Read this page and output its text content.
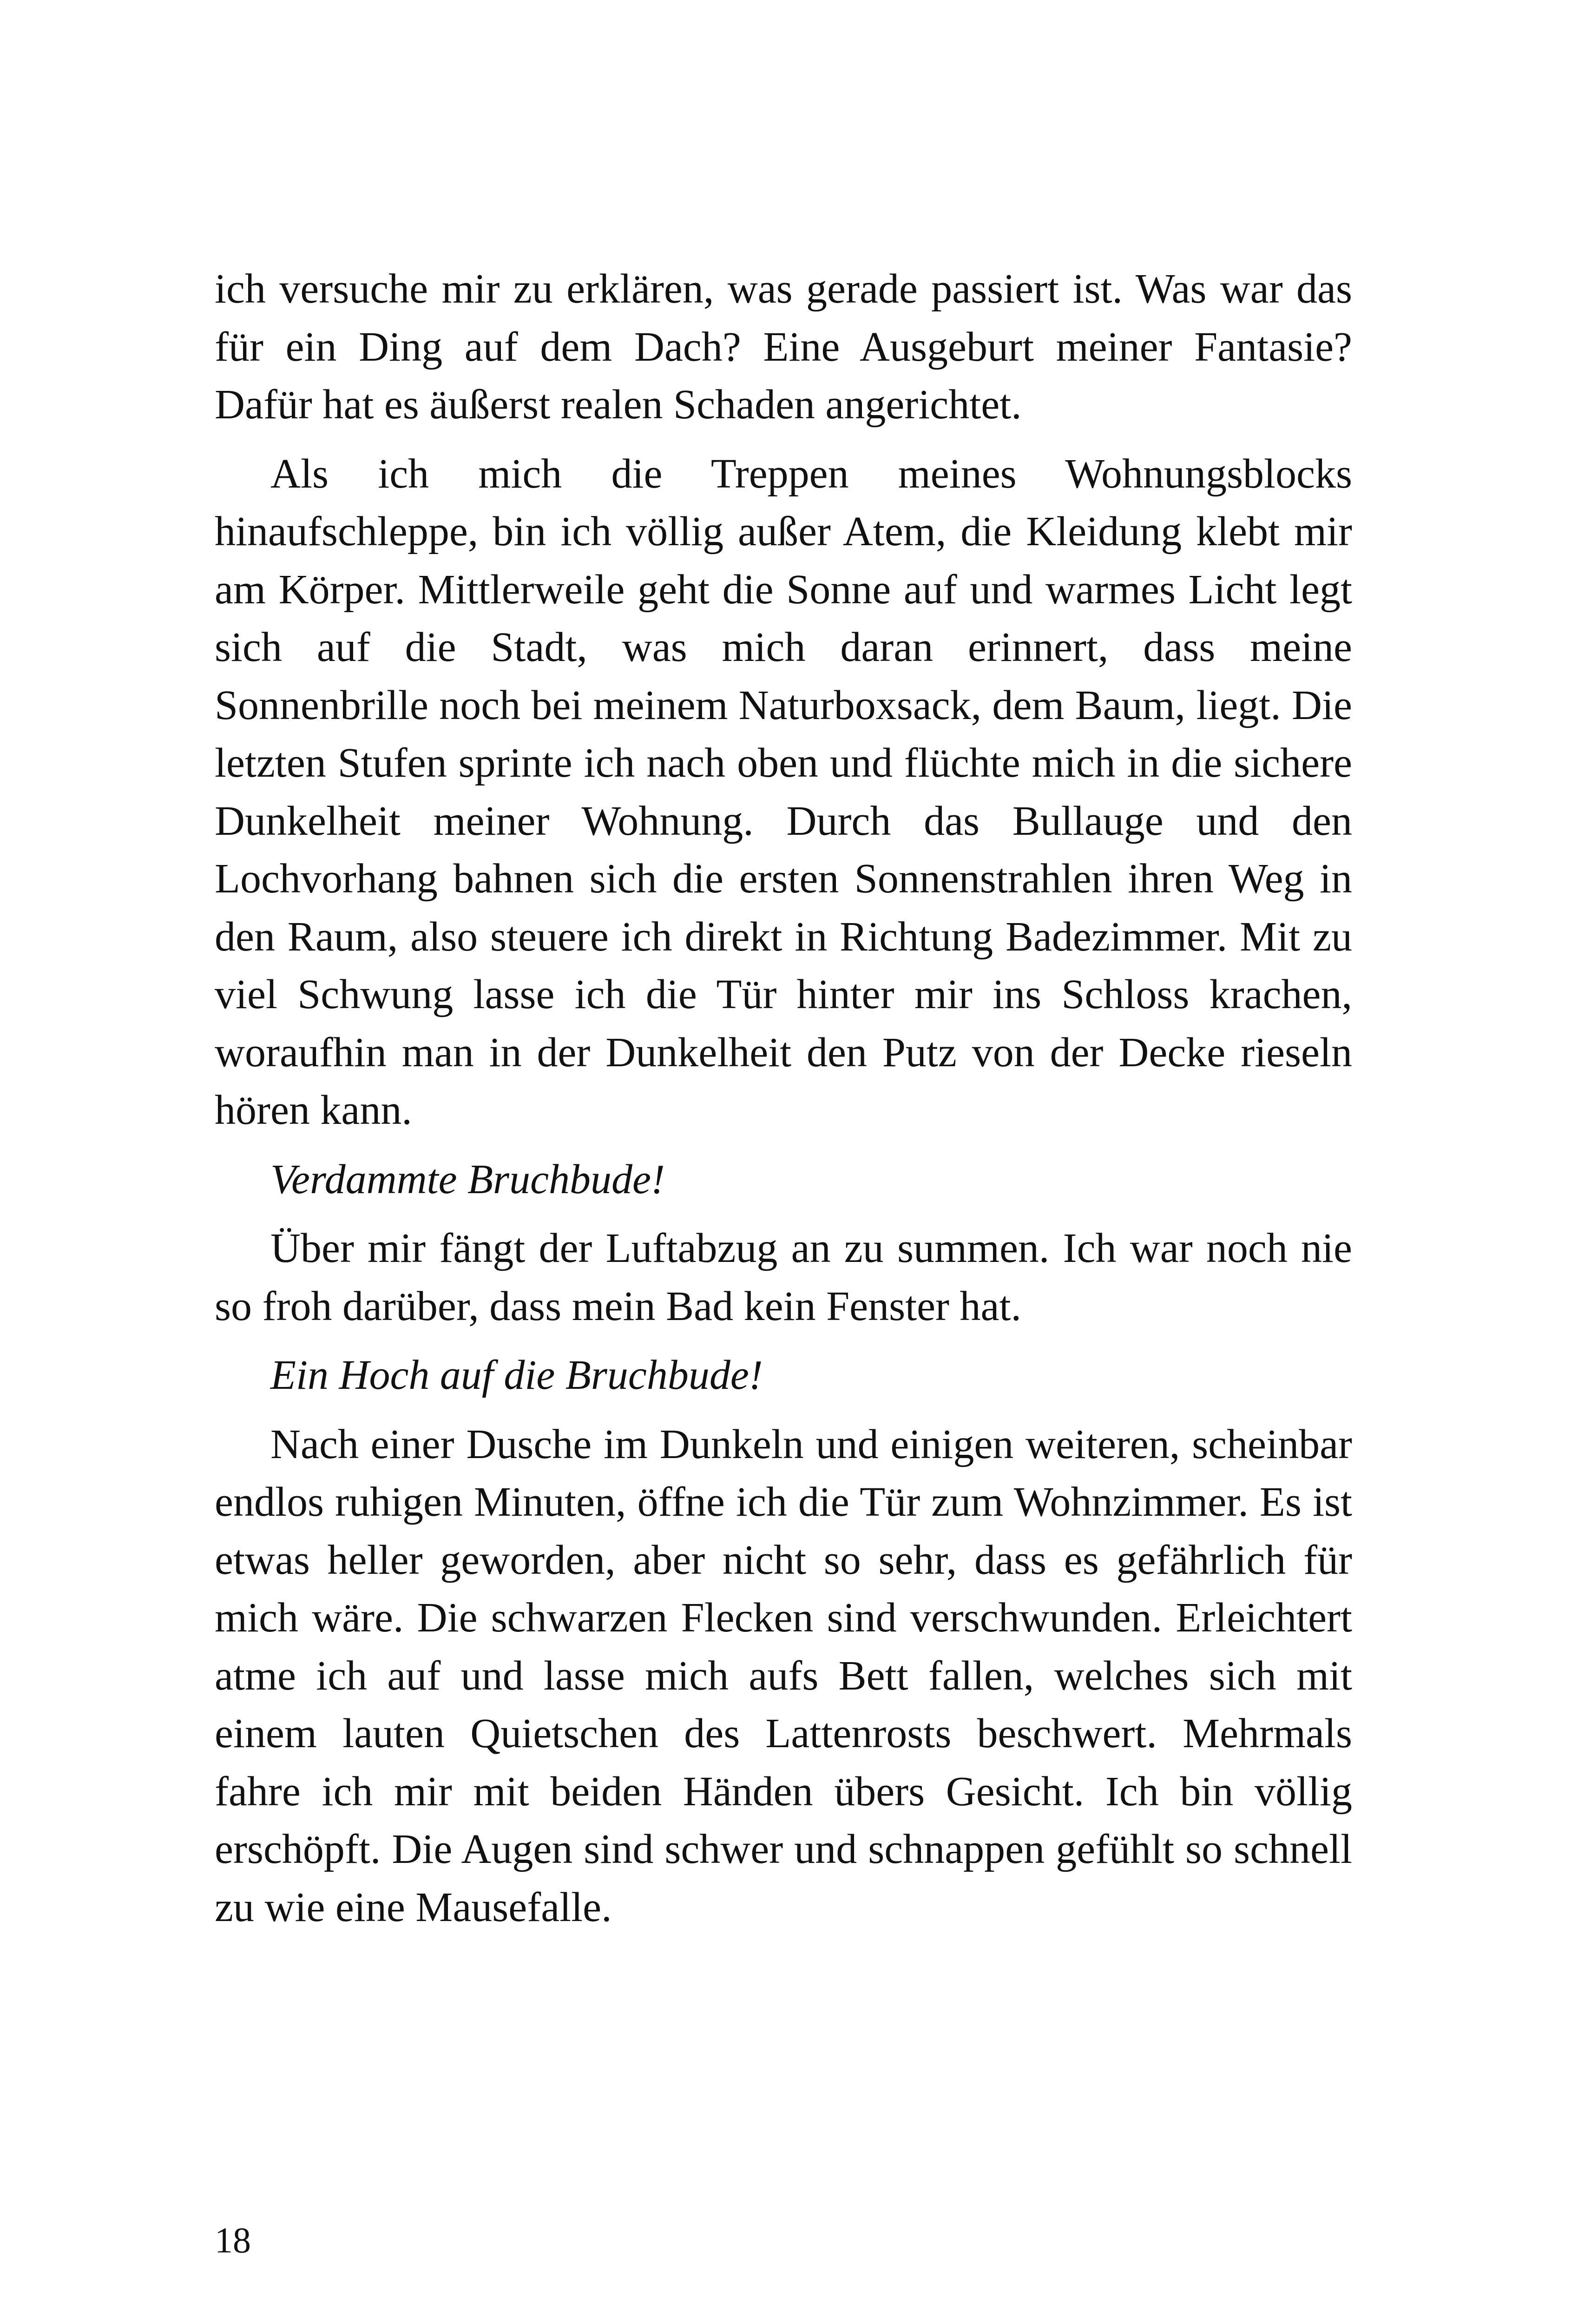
ich versuche mir zu erklären, was gerade passiert ist. Was war das für ein Ding auf dem Dach? Eine Ausgeburt meiner Fantasie? Dafür hat es äußerst realen Schaden angerichtet.

Als ich mich die Treppen meines Wohnungsblocks hinaufschleppe, bin ich völlig außer Atem, die Kleidung klebt mir am Körper. Mittlerweile geht die Sonne auf und warmes Licht legt sich auf die Stadt, was mich daran erinnert, dass meine Sonnenbrille noch bei meinem Naturboxsack, dem Baum, liegt. Die letzten Stufen sprinte ich nach oben und flüchte mich in die sichere Dunkelheit meiner Wohnung. Durch das Bullauge und den Lochvorhang bahnen sich die ersten Sonnenstrahlen ihren Weg in den Raum, also steuere ich direkt in Richtung Badezimmer. Mit zu viel Schwung lasse ich die Tür hinter mir ins Schloss krachen, woraufhin man in der Dunkelheit den Putz von der Decke rieseln hören kann.

Verdammte Bruchbude!

Über mir fängt der Luftabzug an zu summen. Ich war noch nie so froh darüber, dass mein Bad kein Fenster hat.

Ein Hoch auf die Bruchbude!

Nach einer Dusche im Dunkeln und einigen weiteren, scheinbar endlos ruhigen Minuten, öffne ich die Tür zum Wohnzimmer. Es ist etwas heller geworden, aber nicht so sehr, dass es gefährlich für mich wäre. Die schwarzen Flecken sind verschwunden. Erleichtert atme ich auf und lasse mich aufs Bett fallen, welches sich mit einem lauten Quietschen des Lattenrosts beschwert. Mehrmals fahre ich mir mit beiden Händen übers Gesicht. Ich bin völlig erschöpft. Die Augen sind schwer und schnappen gefühlt so schnell zu wie eine Mausefalle.

18
